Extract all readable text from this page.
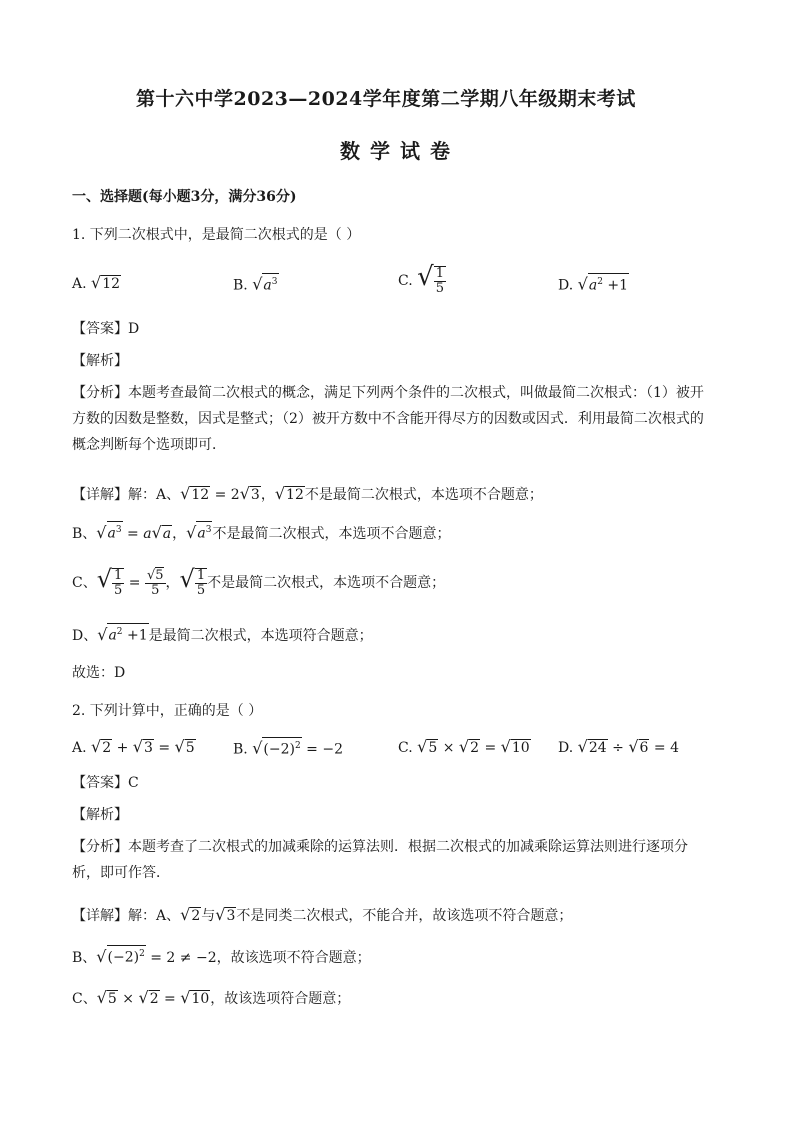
第十六中学2023—2024学年度第二学期八年级期末考试
数学试卷
一、选择题(每小题3分，满分36分)
1. 下列二次根式中，是最简二次根式的是（ ）
A. √12	B. $√a^3$	C. √ $\frac{1}{5}$	D. $√a^2 +1$
【答案】D
【解析】
【分析】本题考查最简二次根式的概念，满足下列两个条件的二次根式，叫做最简二次根式：（1）被开方数的因数是整数，因式是整式；（2）被开方数中不含能开得尽方的因数或因式．利用最简二次根式的概念判断每个选项即可．
【详解】解：A、√12 = 2√3，√12不是最简二次根式，本选项不合题意；
B、$√a^3 = a√a$，$√a^3$不是最简二次根式，本选项不合题意；
C、√ $\frac{1}{5} = \frac{√5}{5}$ ，√ $\frac{1}{5}$ 不是最简二次根式，本选项不合题意；
D、$√a^2 +1$是最简二次根式，本选项符合题意；
故选：D
2. 下列计算中，正确的是（ ）
A. √2 + √3 = √5	B. $√(-2)^2 = -2$	C. √5 × √2 = √10 D. √24 ÷ √6 = 4
【答案】C
【解析】
【分析】本题考查了二次根式的加减乘除的运算法则．根据二次根式的加减乘除运算法则进行逐项分析，即可作答．
【详解】解：A、√2与√3不是同类二次根式，不能合并，故该选项不符合题意；
B、$√(-2)^2 = 2 \ne -2$，故该选项不符合题意；
C、√5 × √2 = √10，故该选项符合题意；
